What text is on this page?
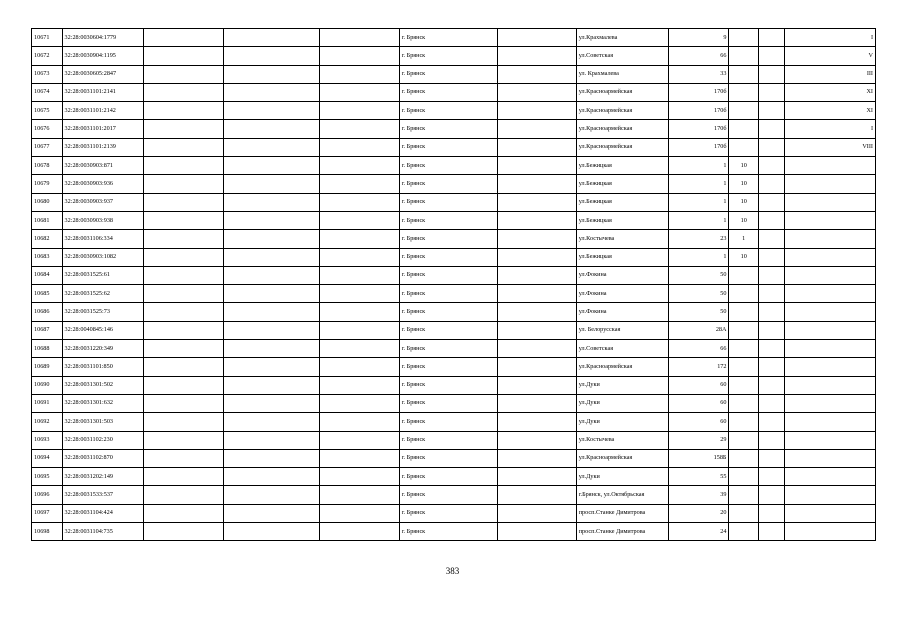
10671	32:28:0030604:1779				г. Брянск		ул.Крахмалева	9			I
10672	32:28:0030904:1195				г. Брянск		ул.Советская	66			V
10673	32:28:0030605:2847				г. Брянск		ул. Крахмалева	33			III
10674	32:28:0031101:2141				г. Брянск		ул.Красноармейская	170б			XI
10675	32:28:0031101:2142				г. Брянск		ул.Красноармейская	170б			XI
10676	32:28:0031101:2017				г. Брянск		ул.Красноармейская	170б			I
10677	32:28:0031101:2139				г. Брянск		ул.Красноармейская	170б			VIII
10678	32:28:0030903:871				г. Брянск		ул.Бежицкая	1	10		
10679	32:28:0030903:936				г. Брянск		ул.Бежицкая	1	10		
10680	32:28:0030903:937				г. Брянск		ул.Бежицкая	1	10		
10681	32:28:0030903:938				г. Брянск		ул.Бежицкая	1	10		
10682	32:28:0031106:334				г. Брянск		ул.Костычева	23	1		
10683	32:28:0030903:1082				г. Брянск		ул.Бежицкая	1	10		
10684	32:28:0031525:61				г. Брянск		ул.Фокина	50			
10685	32:28:0031525:62				г. Брянск		ул.Фокина	50			
10686	32:28:0031525:73				г. Брянск		ул.Фокина	50			
10687	32:28:0040845:146				г. Брянск		ул. Белорусская	28А			
10688	32:28:0031220:349				г. Брянск		ул.Советская	66			
10689	32:28:0031101:850				г. Брянск		ул.Красноармейская	172			
10690	32:28:0031301:502				г. Брянск		ул.Дуки	60			
10691	32:28:0031301:632				г. Брянск		ул.Дуки	60			
10692	32:28:0031301:503				г. Брянск		ул.Дуки	60			
10693	32:28:0031102:230				г. Брянск		ул.Костычева	29			
10694	32:28:0031102:870				г. Брянск		ул.Красноармейская	158Б			
10695	32:28:0031202:149				г. Брянск		ул.Дуки	55			
10696	32:28:0031533:537				г. Брянск		г.Брянск, ул.Октябрьская	39			
10697	32:28:0031104:424				г. Брянск		просп.Станке Димитрова	20			
10698	32:28:0031104:735				г. Брянск		просп.Станке Димитрова	24			
383
